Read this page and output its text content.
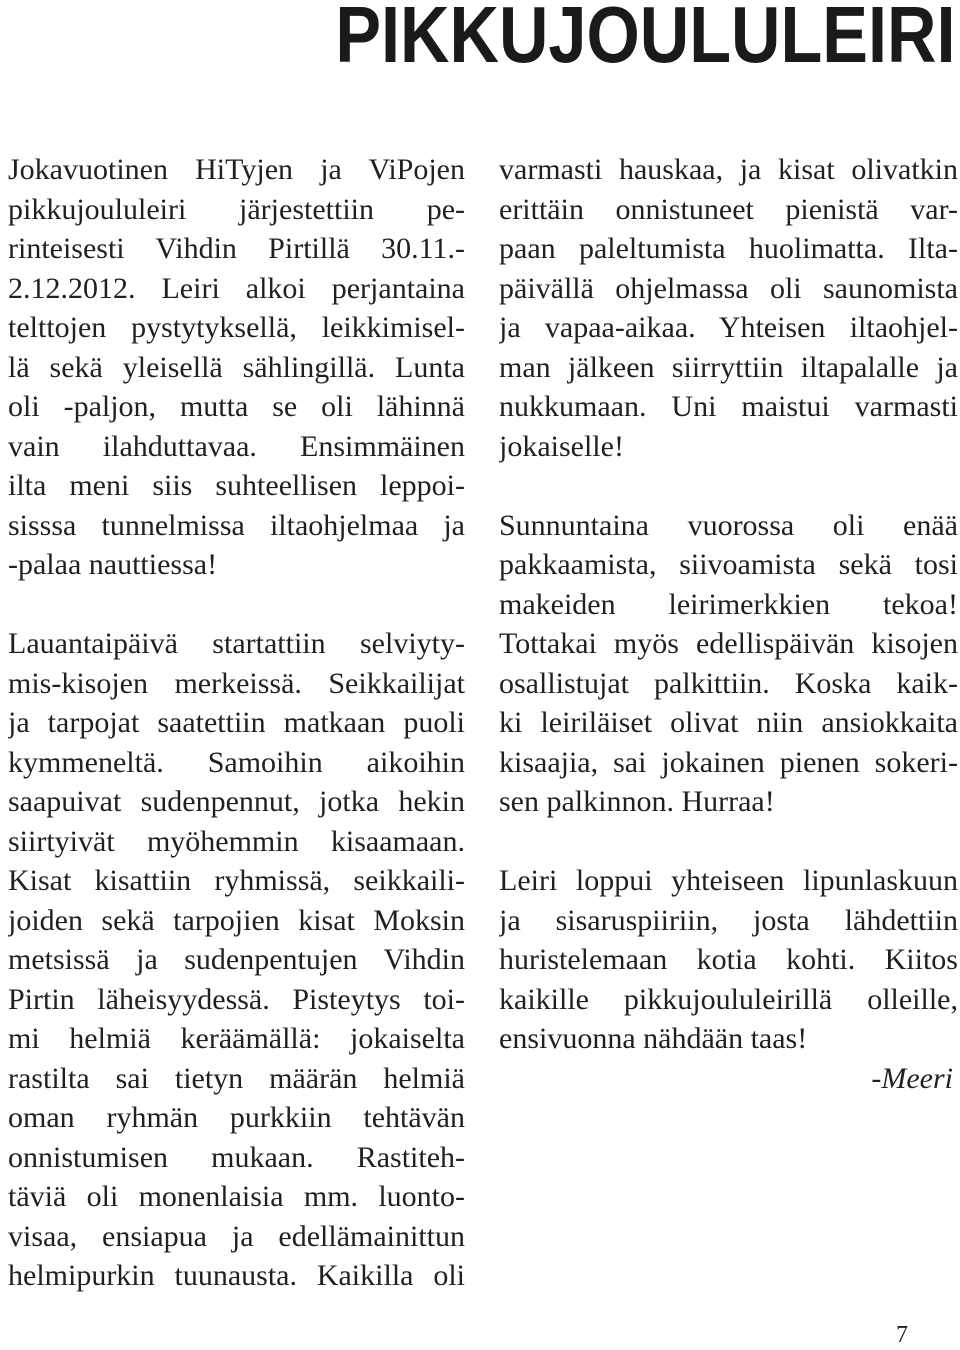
PIKKUJOULULEIRI
Jokavuotinen HiTyjen ja ViPojen
pikkujoululeiri järjestettiin pe-
rinteisesti Vihdin Pirtillä 30.11.-
2.12.2012. Leiri alkoi perjantaina
telttojen pystytyksellä, leikkimisel-
lä sekä yleisellä sählingillä. Lunta
oli -paljon, mutta se oli lähinnä
vain ilahduttavaa. Ensimmäinen
ilta meni siis suhteellisen leppoi-
sisssa tunnelmissa iltaohjelmaa ja
-palaa nauttiessa!
Lauantaipäivä startattiin selviyty-
mis-kisojen merkeissä. Seikkailijat
ja tarpojat saatettiin matkaan puoli
kymmeneltä. Samoihin aikoihin
saapuivat sudenpennut, jotka hekin
siirtyivät myöhemmin kisaamaan.
Kisat kisattiin ryhmissä, seikkaili-
joiden sekä tarpojien kisat Moksin
metsissä ja sudenpentujen Vihdin
Pirtin läheisyydessä. Pisteytys toi-
mi helmiä keräämällä: jokaiselta
rastilta sai tietyn määrän helmiä
oman ryhmän purkkiin tehtävän
onnistumisen mukaan. Rastiteh-
täviä oli monenlaisia mm. luonto-
visaa, ensiapua ja edellämainittun
helmipurkin tuunausta. Kaikilla oli
varmasti hauskaa, ja kisat olivatkin
erittäin onnistuneet pienistä var-
paan paleltumista huolimatta. Ilta-
päivällä ohjelmassa oli saunomista
ja vapaa-aikaa. Yhteisen iltaohjel-
man jälkeen siirryttiin iltapalalle ja
nukkumaan. Uni maistui varmasti
jokaiselle!
Sunnuntaina vuorossa oli enää
pakkaamista, siivoamista sekä tosi
makeiden leirimerkkien tekoa!
Tottakai myös edellispäivän kisojen
osallistujat palkittiin. Koska kaik-
ki leiriläiset olivat niin ansiokkaita
kisaajia, sai jokainen pienen sokeri-
sen palkinnon. Hurraa!
Leiri loppui yhteiseen lipunlaskuun
ja sisaruspiiriin, josta lähdettiin
huristelemaan kotia kohti. Kiitos
kaikille pikkujoululeirillä olleille,
ensivuonna nähdään taas!
-Meeri
7
